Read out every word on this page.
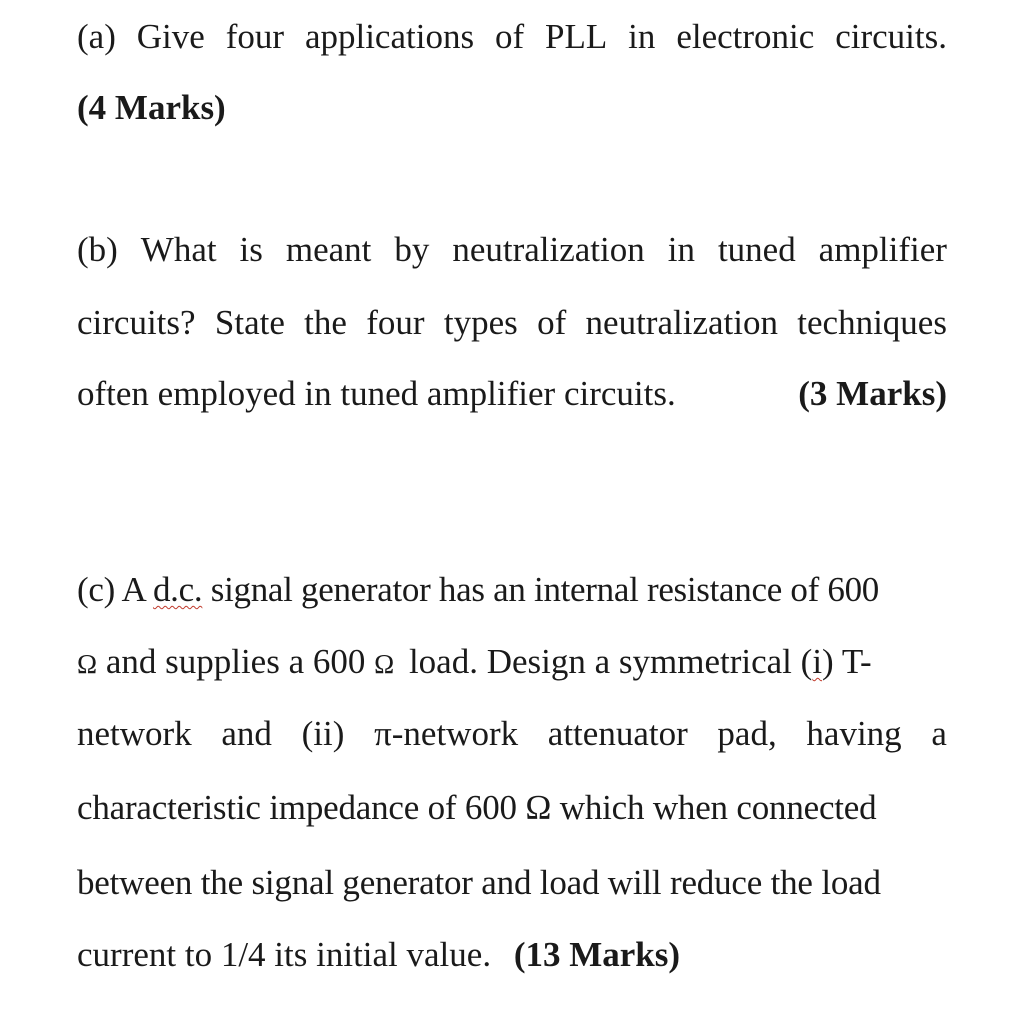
(a) Give four applications of PLL in electronic circuits.
(4 Marks)
(b) What is meant by neutralization in tuned amplifier
circuits? State the four types of neutralization techniques
often employed in tuned amplifier circuits.	(3 Marks)
(c) A d.c. signal generator has an internal resistance of 600
Ω and supplies a 600 Ω load. Design a symmetrical (i) T-
network and (ii) π-network attenuator pad, having a
characteristic impedance of 600 Ω which when connected
between the signal generator and load will reduce the load
current to 1/4 its initial value. (13 Marks)
